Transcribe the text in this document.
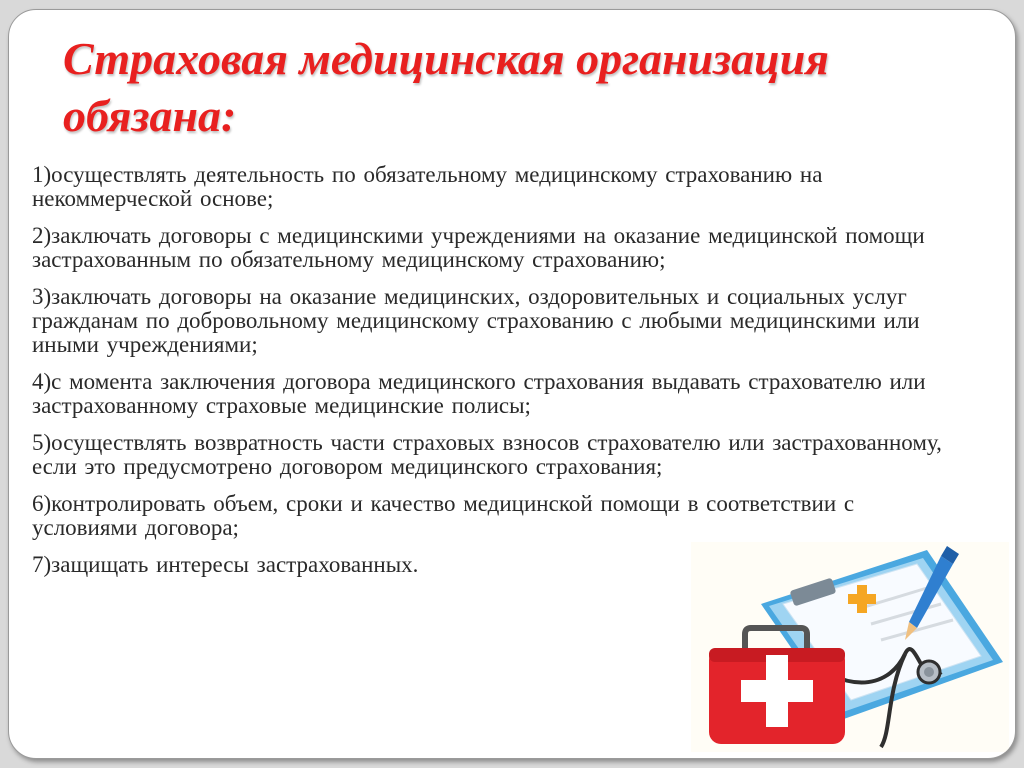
Страховая медицинская организация обязана:
1)осуществлять деятельность по обязательному медицинскому страхованию на некоммерческой основе;
2)заключать договоры с медицинскими учреждениями на оказание медицинской помощи застрахованным по обязательному медицинскому страхованию;
3)заключать договоры на оказание медицинских, оздоровительных и социальных услуг гражданам по добровольному медицинскому страхованию с любыми медицинскими или иными учреждениями;
4)с момента заключения договора медицинского страхования выдавать страхователю или застрахованному страховые медицинские полисы;
5)осуществлять возвратность части страховых взносов страхователю или застрахованному, если это предусмотрено договором медицинского страхования;
6)контролировать объем, сроки и качество медицинской помощи в соответствии с условиями договора;
7)защищать интересы застрахованных.
